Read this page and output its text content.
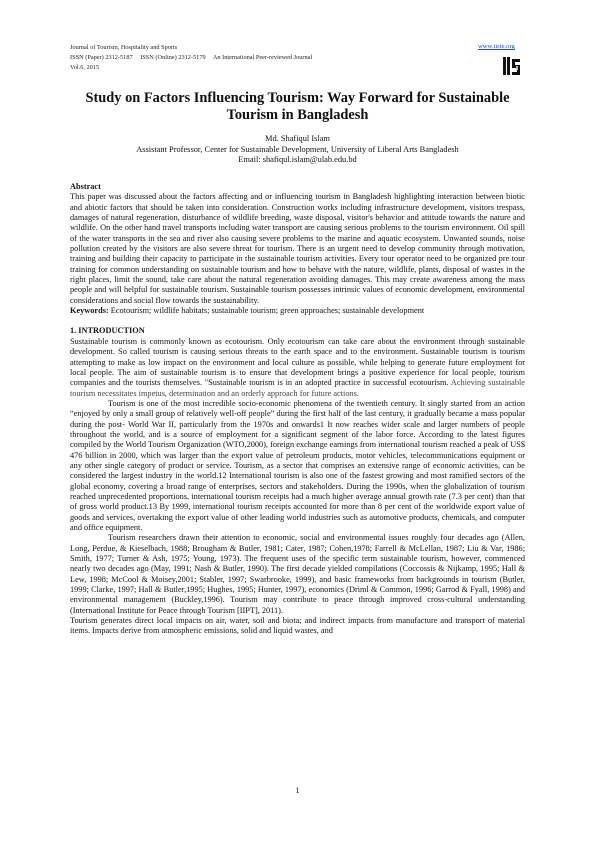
Journal of Tourism, Hospitality and Sports
ISSN (Paper) 2312-5187 ISSN (Online) 2312-5179 An International Peer-reviewed Journal
Vol.6, 2015
www.iiste.org
Study on Factors Influencing Tourism: Way Forward for Sustainable Tourism in Bangladesh
Md. Shafiqul Islam
Assistant Professor, Center for Sustainable Development, University of Liberal Arts Bangladesh
Email: shafiqul.islam@ulab.edu.bd

Abstract

This paper was discussed about the factors affecting and or influencing tourism in Bangladesh highlighting interaction between biotic and abiotic factors that should be taken into consideration. Construction works including infrastructure development, visitors trespass, damages of natural regeneration, disturbance of wildlife breeding, waste disposal, visitor's behavior and attitude towards the nature and wildlife. On the other hand travel transports including water transport are causing serious problems to the tourism environment. Oil spill of the water transports in the sea and river also causing severe problems to the marine and aquatic ecosystem. Unwanted sounds, noise pollution created by the visitors are also severe threat for tourism. There is an urgent need to develop community through motivation, training and building their capacity to participate in the sustainable tourism activities. Every tour operator need to be organized pre tour training for common understanding on sustainable tourism and how to behave with the nature, wildlife, plants, disposal of wastes in the right places, limit the sound, take care about the natural regeneration avoiding damages. This may create awareness among the mass people and will helpful for sustainable tourism. Sustainable tourism possesses intrinsic values of economic development, environmental considerations and social flow towards the sustainability.

Keywords: Ecotourism; wildlife habitats; sustainable tourism; green approaches; sustainable development

1. INTRODUCTION

Sustainable tourism is commonly known as ecotourism. Only ecotourism can take care about the environment through sustainable development. So called tourism is causing serious threats to the earth space and to the environment. Sustainable tourism is tourism attempting to make as low impact on the environment and local culture as possible, while helping to generate future employment for local people. The aim of sustainable tourism is to ensure that development brings a positive experience for local people, tourism companies and the tourists themselves. "Sustainable tourism is in an adopted practice in successful ecotourism. Achieving sustainable tourism necessitates impetus, determination and an orderly approach for future actions.

Tourism is one of the most incredible socio-economic phenomena of the twentieth century. It singly started from an action “enjoyed by only a small group of relatively well-off people” during the first half of the last century, it gradually became a mass popular during the post- World War II, particularly from the 1970s and onwards1 It now reaches wider scale and larger numbers of people throughout the world, and is a source of employment for a significant segment of the labor force. According to the latest figures compiled by the World Tourism Organization (WTO,2000), foreign exchange earnings from international tourism reached a peak of US$ 476 billion in 2000, which was larger than the export value of petroleum products, motor vehicles, telecommunications equipment or any other single category of product or service. Tourism, as a sector that comprises an extensive range of economic activities, can be considered the largest industry in the world.12 International tourism is also one of the fastest growing and most ramified sectors of the global economy, covering a broad range of enterprises, sectors and stakeholders. During the 1990s, when the globalization of tourism reached unprecedented proportions, international tourism receipts had a much higher average annual growth rate (7.3 per cent) than that of gross world product.13 By 1999, international tourism receipts accounted for more than 8 per cent of the worldwide export value of goods and services, overtaking the export value of other leading world industries such as automotive products, chemicals, and computer and office equipment.

Tourism researchers drawn their attention to economic, social and environmental issues roughly four decades ago (Allen, Long, Perdue, & Kieselbach, 1988; Brougham & Butler, 1981; Cater, 1987; Cohen,1978; Farrell & McLellan, 1987; Liu & Var, 1986; Smith, 1977; Turner & Ash, 1975; Young, 1973). The frequent uses of the specific term sustainable tourism, however, commenced nearly two decades ago (May, 1991; Nash & Butler, 1990). The first decade yielded compilations (Coccossis & Nijkamp, 1995; Hall & Lew, 1998; McCool & Moisey,2001; Stabler, 1997; Swarbrooke, 1999), and basic frameworks from backgrounds in tourism (Butler, 1999; Clarke, 1997; Hall & Butler,1995; Hughes, 1995; Hunter, 1997), economics (Driml & Common, 1996; Garrod & Fyall, 1998) and environmental management (Buckley,1996). Tourism may contribute to peace through improved cross-cultural understanding (International Institute for Peace through Tourism [IIPT], 2011).

Tourism generates direct local impacts on air, water, soil and biota; and indirect impacts from manufacture and transport of material items. Impacts derive from atmospheric emissions, solid and liquid wastes, and

1
